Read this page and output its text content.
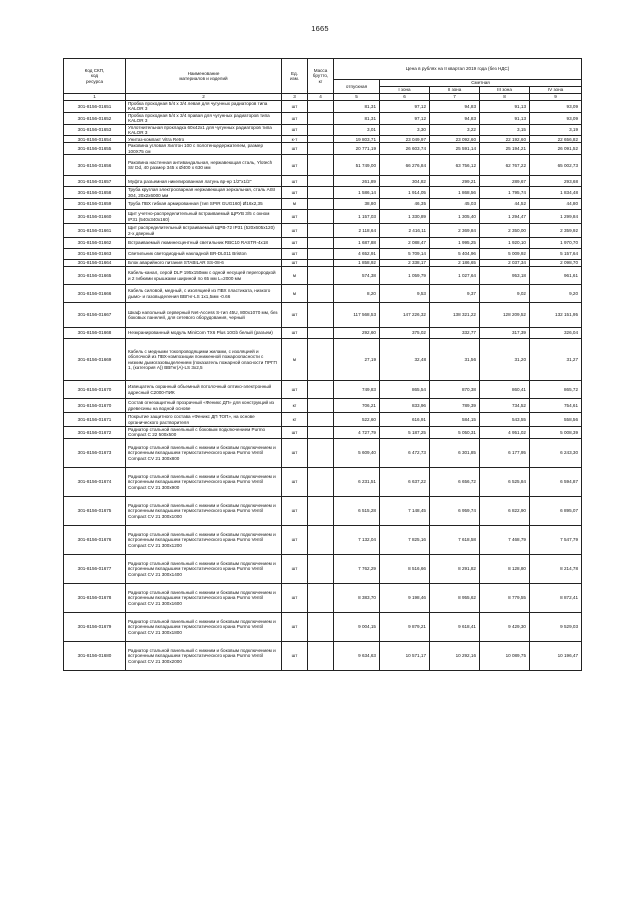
1665
Код СКП,
код
ресурса	Наименование
материалов и изделий	Ед.
изм.	Масса
брутто,
кг	Цена в рублях на II квартал 2019 года (без НДС)				
				отпускная	Сметная			
					I зона	II зона	III зона	IV зона
1	2	3	4	5	6	7	8	9
301-8156-01651	Пробка проходная 5/4 х 3/4 левая для чугунных радиаторов типа KALOR 3	шт		81,31	97,12	94,83	91,13	93,09
301-8156-01652	Пробка проходная 5/4 х 3/4 правая для чугунных радиаторов типа KALOR 3	шт		81,31	97,12	94,83	91,13	93,09
301-8156-01653	Уплотнительная прокладка 60х42х1 для чугунных радиаторов типа KALOR 3	шт		3,01	3,30	3,22	3,15	3,19
301-8156-01654	Унитаз-компакт Vitra Retro	к-т		19 803,71	23 049,97	23 092,60	22 192,60	22 656,82
301-8156-01655	Раковина угловая Хилтон 100 с полотенцедержателем, размер 100Х75 см	шт		20 771,19	26 603,74	25 591,14	25 194,21	26 091,52
301-8156-01656	Раковина настенная антивандальная, нержавеющая сталь, Ylotech Str Dd, 40 размер 345 х Ø400 х 630 мм	шт		51 749,00	66 276,84	63 756,12	62 767,22	65 002,73
301-8156-01657	Муфта разъемная никелированная латунь вр-нр 1/2"х1/2"	шт		261,89	304,82	299,21	289,67	293,68
301-8156-01658	Труба круглая электросварная нержавеющая зеркальная, сталь AISI 304, 20х2х6000 мм	шт		1 586,14	1 914,05	1 868,56	1 795,74	1 834,48
301-8156-01659	Труба ПВХ гибкая армированная (тип SPIR GUG160) Ø16х2,35	м		38,80	46,35	45,03	44,52	44,80
301-8156-01660	Щит учетно-распределительный встраиваемый ЩРУВ 3/5 с окном IP31 (540х340х160)	шт		1 157,03	1 330,89	1 305,40	1 294,47	1 299,84
301-8156-01661	Щит распределительный встраиваемый ЩРВ-72 IP31 (520х605х120) 2-х дверный	шт		2 118,64	2 416,11	2 369,84	2 350,00	2 359,92
301-8156-01662	Встраиваемый люминесцентный светильник RBC10 RASTR-4х18	шт		1 687,88	2 088,47	1 995,25	1 920,10	1 970,70
301-8156-01663	Светильник светодиодный накладной BR-DL011 Briston	шт		4 652,91	5 709,14	5 404,96	5 009,92	5 157,64
301-8156-01664	Блок аварийного питания STABILAR SS-08-6	шт		1 858,92	2 338,17	2 186,65	2 037,34	2 098,70
301-8156-01665	Кабель-канал, серой DLP 195х150мм с одной несущей перегородкой и 2 гибкими крышками шириной по 65 мм L=2000 мм	м		574,38	1 059,79	1 027,64	953,18	961,61
301-8156-01666	Кабель силовой, медный, с изоляцией из ПВХ пластиката, низкого дымо- и газовыделения ВВГнг-LS 1х1,5мм -0.66	м		8,20	9,53	9,37	9,02	9,20
301-8156-01667	Шкаф напольный серверный Net-Access S-тип 45U, 800х1070 мм, без боковых панелей, для сетевого оборудования, черный	шт		117 568,53	147 226,32	138 321,22	128 209,52	132 151,95
301-8156-01668	Неэкранированный модуль MiniCom TX6 Plus 10Gb белый (разъем)	шт		292,60	375,02	332,77	317,39	326,04
301-8156-01669	Кабель с медными токопроводящими жилами, с изоляцией и оболочкой из ПВХ-композиции пониженной пожароопасности с низким дымогазовыделением (показатель пожарной опасности ПРГП 1, (категория А)) ВВГнг(А)-LS 3х2,5	м		27,19	32,48	31,56	31,20	31,27
301-8156-01670	Извещатель охранный объемный потолочный оптико-электронный адресный С2000-ПИК	шт		749,83	865,54	870,38	860,41	865,72
301-8156-01670	Состав огнезащитный прозрачный «Феникс ДП» для конструкций из древесины на водной основе	кг		706,21	833,96	789,39	734,52	754,61
301-8156-01671	Покрытие защитного состава «Феникс ДП ТОП», на основе органического растворителя	кг		522,60	616,91	584,15	543,55	558,56
301-8156-01672	Радиатор стальной панельный с боковым подключением Purmo Compact C 22 500х500	шт		4 727,79	5 187,25	5 050,31	4 951,02	5 008,39
301-8156-01673	Радиатор стальной панельный с нижним и боковым подключением и встроенным вкладышем термостатического крана Purmo Ventil Compact CV 21 300х800	шт		5 609,40	6 472,73	6 301,85	6 177,95	6 243,30
301-8156-01674	Радиатор стальной панельный с нижним и боковым подключением и встроенным вкладышем термостатического крана Purmo Ventil Compact CV 21 300х900	шт		6 231,51	6 637,22	6 656,72	6 525,84	6 594,87
301-8156-01675	Радиатор стальной панельный с нижним и боковым подключением и встроенным вкладышем термостатического крана Purmo Ventil Compact CV 21 300х1000	шт		6 515,28	7 148,45	6 959,74	6 822,90	6 895,07
301-8156-01676	Радиатор стальной панельный с нижним и боковым подключением и встроенным вкладышем термостатического крана Purmo Ventil Compact CV 21 300х1200	шт		7 132,04	7 825,16	7 618,58	7 468,79	7 547,79
301-8156-01677	Радиатор стальной панельный с нижним и боковым подключением и встроенным вкладышем термостатического крана Purmo Ventil Compact CV 21 300х1400	шт		7 762,29	8 516,66	8 291,82	8 128,80	8 214,78
301-8156-01678	Радиатор стальной панельный с нижним и боковым подключением и встроенным вкладышем термостатического крана Purmo Ventil Compact CV 21 300х1600	шт		8 383,70	9 198,46	8 955,62	8 779,55	8 872,41
301-8156-01679	Радиатор стальной панельный с нижним и боковым подключением и встроенным вкладышем термостатического крана Purmo Ventil Compact CV 21 300х1800	шт		9 004,15	9 879,21	9 618,41	9 429,30	9 529,03
301-8156-01680	Радиатор стальной панельный с нижним и боковым подключением и встроенным вкладышем термостатического крана Purmo Ventil Compact CV 21 300х2000	шт		9 634,63	10 571,17	10 292,16	10 089,75	10 196,47
